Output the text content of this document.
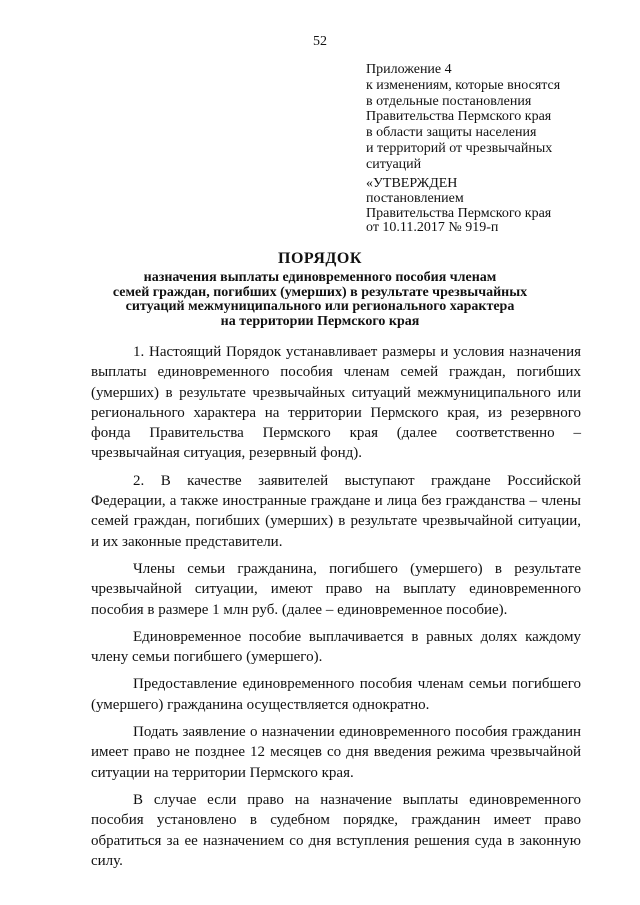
52
Приложение 4
к изменениям, которые вносятся
в отдельные постановления
Правительства Пермского края
в области защиты населения
и территорий от чрезвычайных
ситуаций
«УТВЕРЖДЕН
постановлением
Правительства Пермского края
от 10.11.2017 № 919-п
ПОРЯДОК
назначения выплаты единовременного пособия членам
семей граждан, погибших (умерших) в результате чрезвычайных
ситуаций межмуниципального или регионального характера
на территории Пермского края

1. Настоящий Порядок устанавливает размеры и условия назначения выплаты единовременного пособия членам семей граждан, погибших (умерших) в результате чрезвычайных ситуаций межмуниципального или регионального характера на территории Пермского края, из резервного фонда Правительства Пермского края (далее соответственно – чрезвычайная ситуация, резервный фонд).

2. В качестве заявителей выступают граждане Российской Федерации, а также иностранные граждане и лица без гражданства – члены семей граждан, погибших (умерших) в результате чрезвычайной ситуации, и их законные представители.

Члены семьи гражданина, погибшего (умершего) в результате чрезвычайной ситуации, имеют право на выплату единовременного пособия в размере 1 млн руб. (далее – единовременное пособие).

Единовременное пособие выплачивается в равных долях каждому члену семьи погибшего (умершего).

Предоставление единовременного пособия членам семьи погибшего (умершего) гражданина осуществляется однократно.

Подать заявление о назначении единовременного пособия гражданин имеет право не позднее 12 месяцев со дня введения режима чрезвычайной ситуации на территории Пермского края.

В случае если право на назначение выплаты единовременного пособия установлено в судебном порядке, гражданин имеет право обратиться за ее назначением со дня вступления решения суда в законную силу.
